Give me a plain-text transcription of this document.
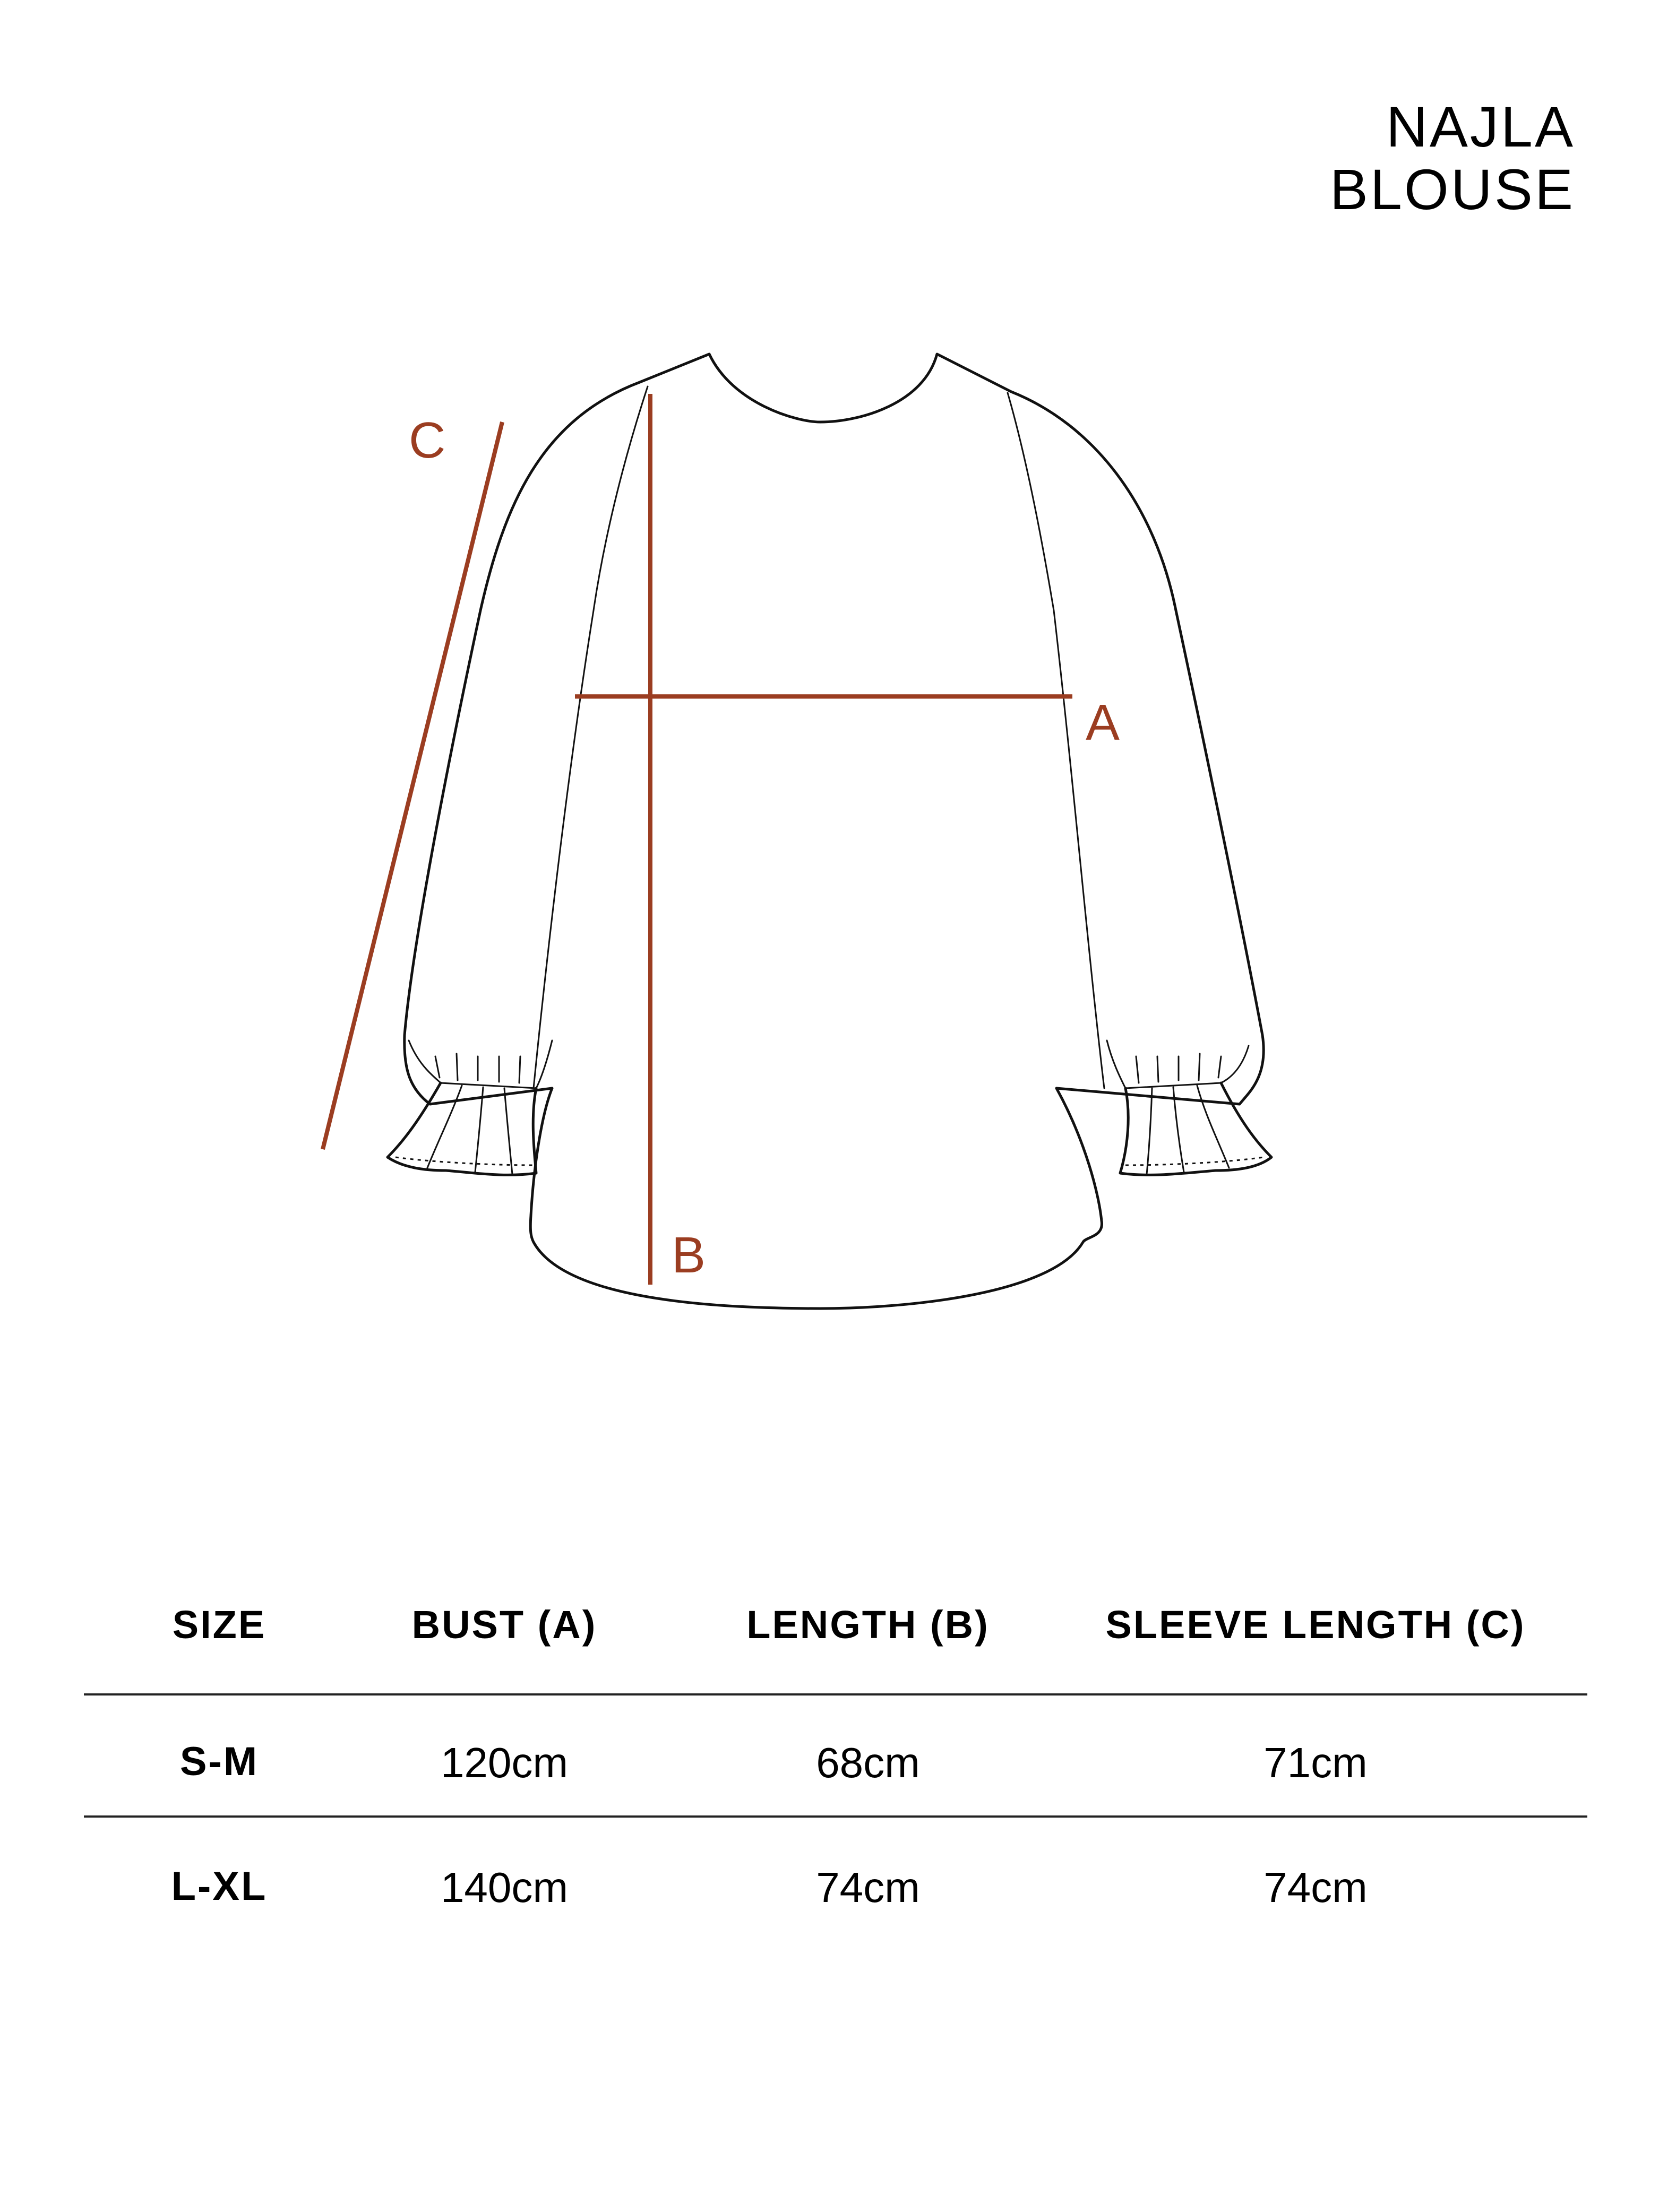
NAJLA
BLOUSE
A
B
C
SIZE	BUST (A)	LENGTH (B)	SLEEVE LENGTH (C)
S-M	120cm	68cm	71cm
L-XL	140cm	74cm	74cm
